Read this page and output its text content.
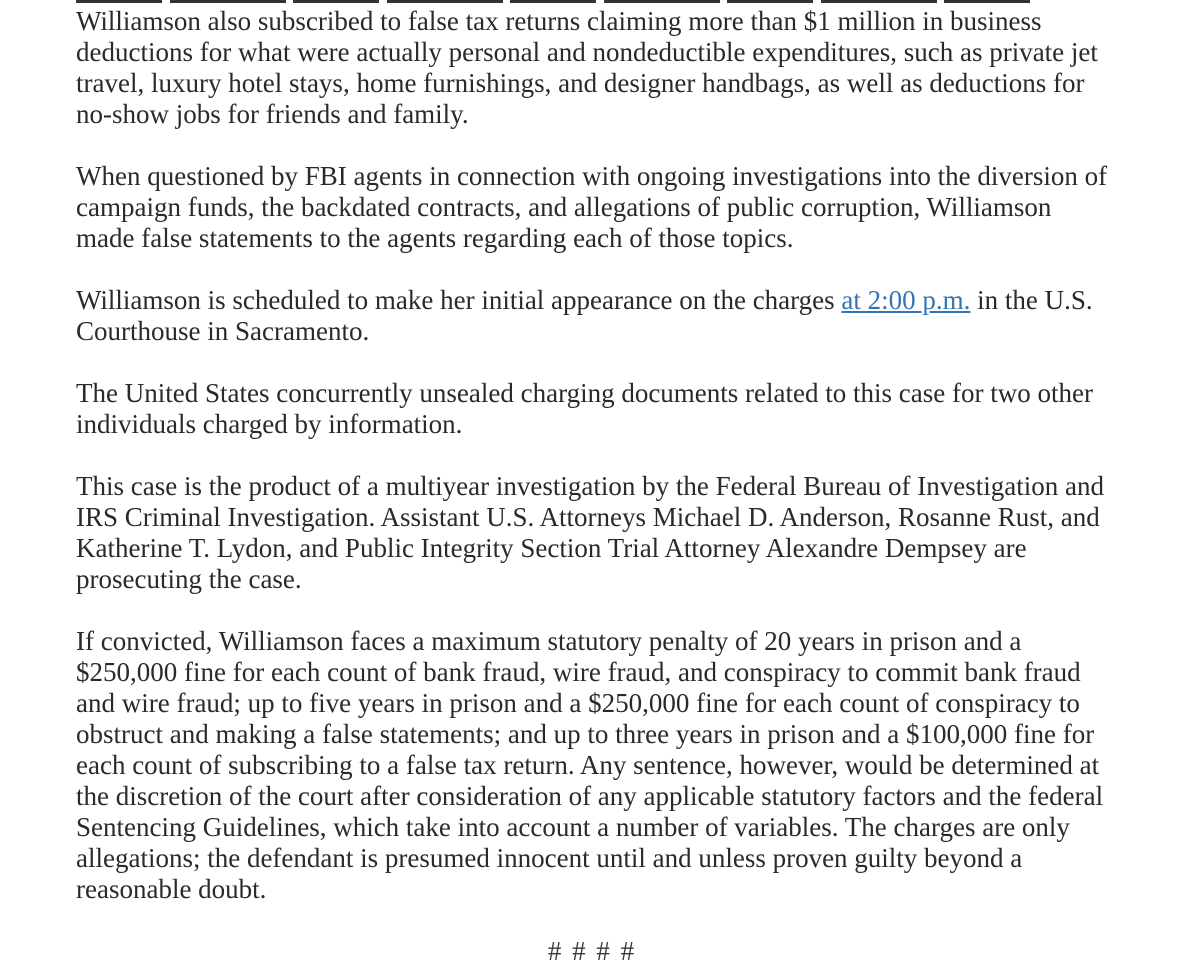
Williamson also subscribed to false tax returns claiming more than $1 million in business deductions for what were actually personal and nondeductible expenditures, such as private jet travel, luxury hotel stays, home furnishings, and designer handbags, as well as deductions for no-show jobs for friends and family.

When questioned by FBI agents in connection with ongoing investigations into the diversion of campaign funds, the backdated contracts, and allegations of public corruption, Williamson made false statements to the agents regarding each of those topics.

Williamson is scheduled to make her initial appearance on the charges at 2:00 p.m. in the U.S. Courthouse in Sacramento.

The United States concurrently unsealed charging documents related to this case for two other individuals charged by information.

This case is the product of a multiyear investigation by the Federal Bureau of Investigation and IRS Criminal Investigation. Assistant U.S. Attorneys Michael D. Anderson, Rosanne Rust, and Katherine T. Lydon, and Public Integrity Section Trial Attorney Alexandre Dempsey are prosecuting the case.

If convicted, Williamson faces a maximum statutory penalty of 20 years in prison and a $250,000 fine for each count of bank fraud, wire fraud, and conspiracy to commit bank fraud and wire fraud; up to five years in prison and a $250,000 fine for each count of conspiracy to obstruct and making a false statements; and up to three years in prison and a $100,000 fine for each count of subscribing to a false tax return. Any sentence, however, would be determined at the discretion of the court after consideration of any applicable statutory factors and the federal Sentencing Guidelines, which take into account a number of variables. The charges are only allegations; the defendant is presumed innocent until and unless proven guilty beyond a reasonable doubt.

# # # #
